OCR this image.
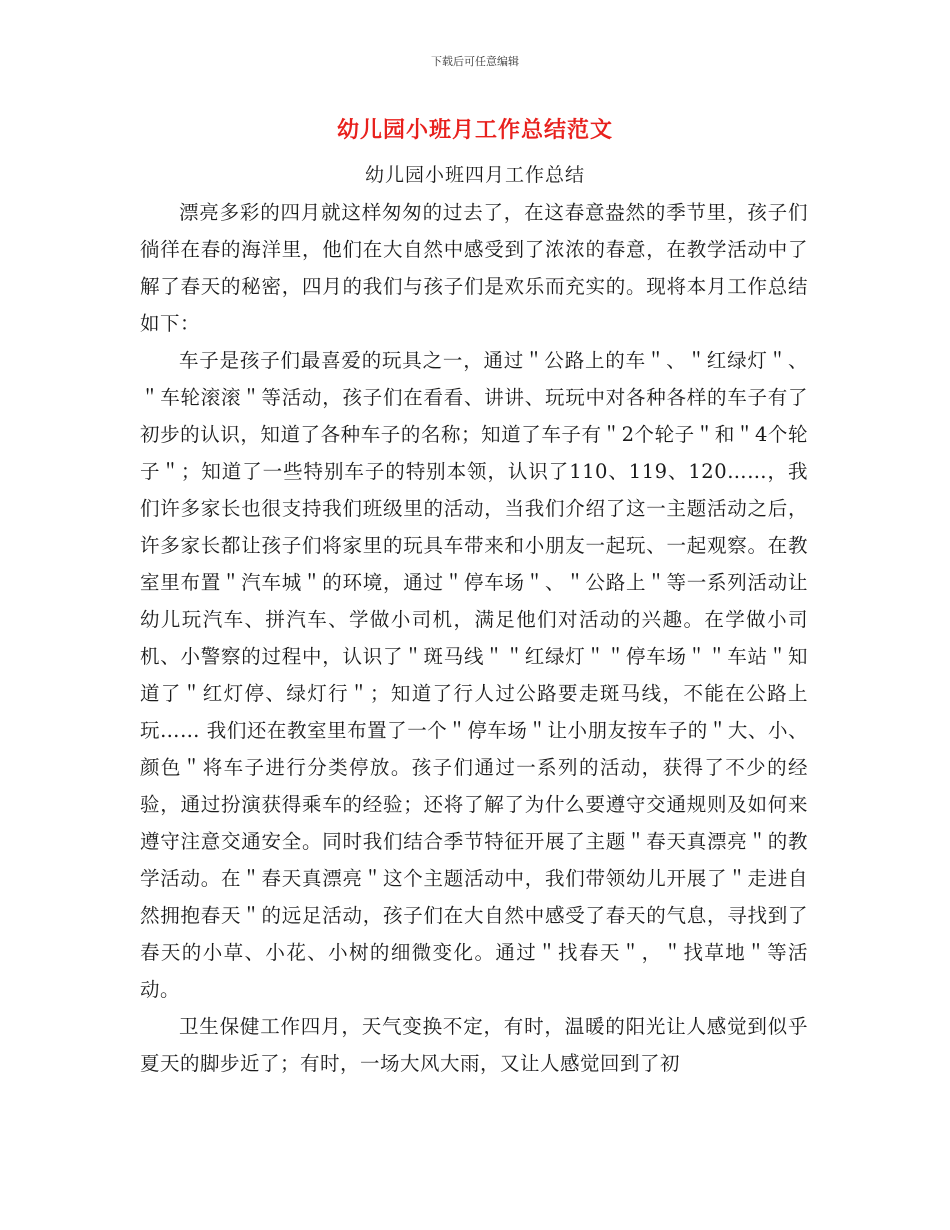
下载后可任意编辑
幼儿园小班月工作总结范文
幼儿园小班四月工作总结

漂亮多彩的四月就这样匆匆的过去了，在这春意盎然的季节里，孩子们徜徉在春的海洋里，他们在大自然中感受到了浓浓的春意，在教学活动中了解了春天的秘密，四月的我们与孩子们是欢乐而充实的。现将本月工作总结如下：

车子是孩子们最喜爱的玩具之一，通过＂公路上的车＂、＂红绿灯＂、＂车轮滚滚＂等活动，孩子们在看看、讲讲、玩玩中对各种各样的车子有了初步的认识，知道了各种车子的名称；知道了车子有＂2个轮子＂和＂4个轮子＂；知道了一些特别车子的特别本领，认识了110、119、120……，我们许多家长也很支持我们班级里的活动，当我们介绍了这一主题活动之后，许多家长都让孩子们将家里的玩具车带来和小朋友一起玩、一起观察。在教室里布置＂汽车城＂的环境，通过＂停车场＂、＂公路上＂等一系列活动让幼儿玩汽车、拼汽车、学做小司机，满足他们对活动的兴趣。在学做小司机、小警察的过程中，认识了＂斑马线＂＂红绿灯＂＂停车场＂＂车站＂知道了＂红灯停、绿灯行＂；知道了行人过公路要走斑马线，不能在公路上玩…… 我们还在教室里布置了一个＂停车场＂让小朋友按车子的＂大、小、颜色＂将车子进行分类停放。孩子们通过一系列的活动，获得了不少的经验，通过扮演获得乘车的经验；还将了解了为什么要遵守交通规则及如何来遵守注意交通安全。同时我们结合季节特征开展了主题＂春天真漂亮＂的教学活动。在＂春天真漂亮＂这个主题活动中，我们带领幼儿开展了＂走进自然拥抱春天＂的远足活动，孩子们在大自然中感受了春天的气息，寻找到了春天的小草、小花、小树的细微变化。通过＂找春天＂，＂找草地＂等活动。

卫生保健工作四月，天气变换不定，有时，温暖的阳光让人感觉到似乎夏天的脚步近了；有时，一场大风大雨，又让人感觉回到了初
